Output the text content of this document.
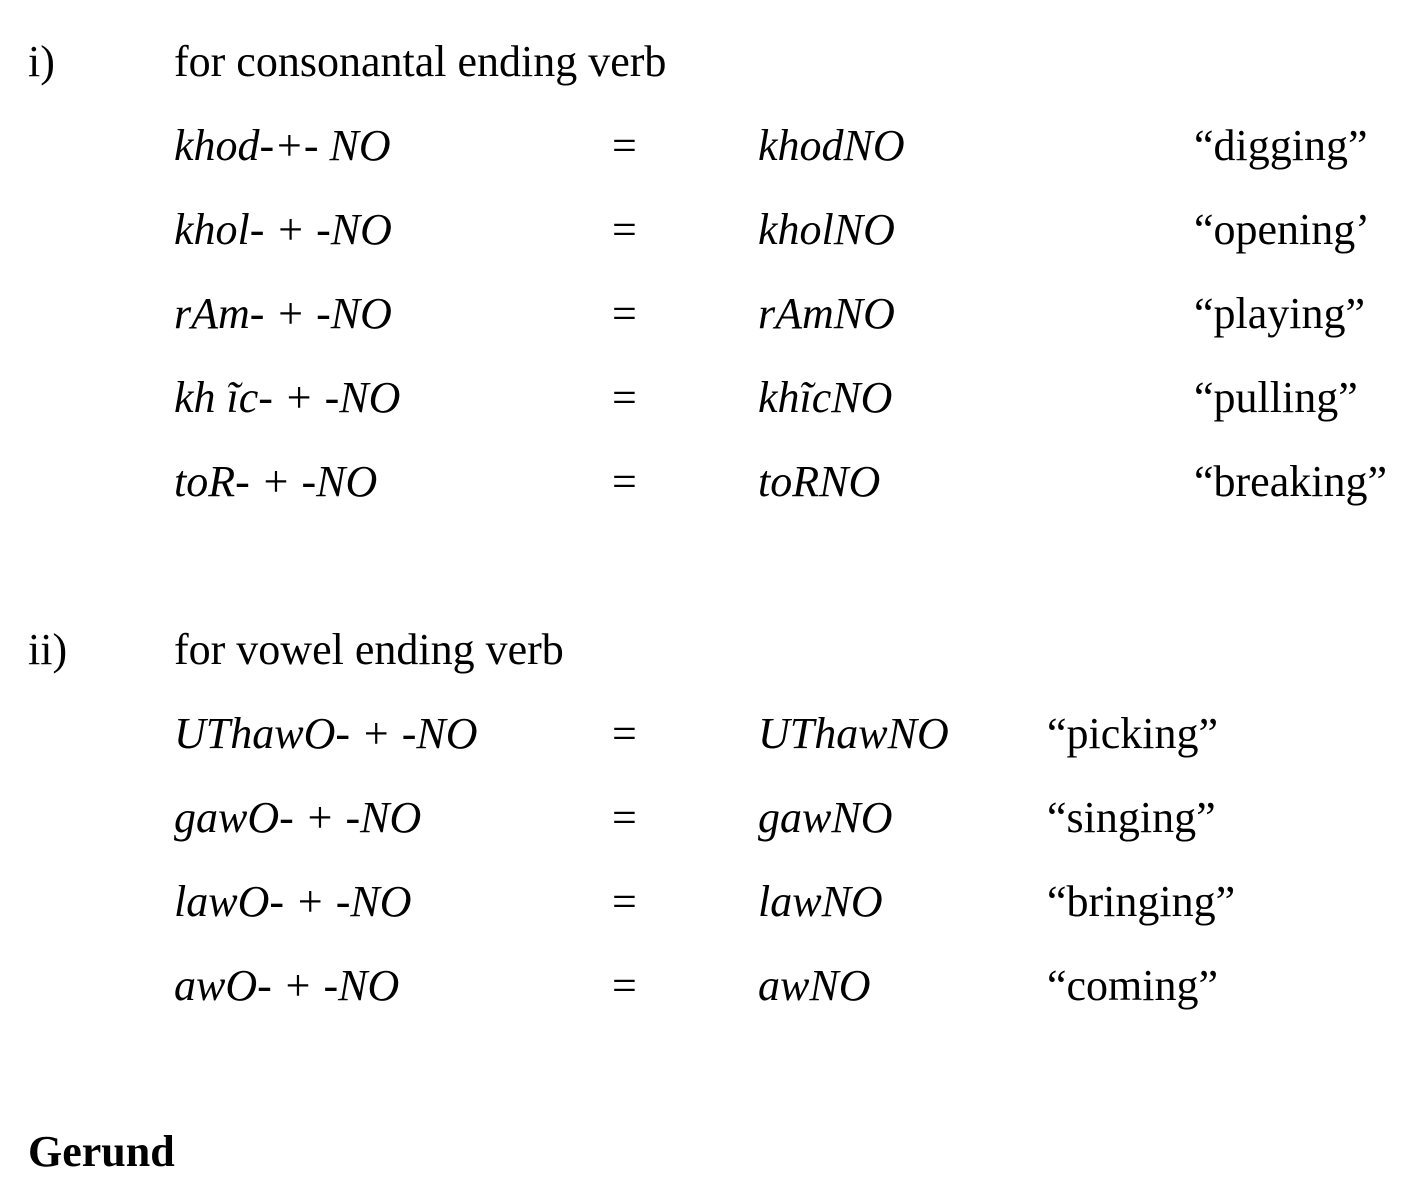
i)	for consonantal ending verb
khod-+- NO	=	khodNO	“digging”
khol- + -NO	=	kholNO	“opening’
rAm- + -NO	=	rAmNO	“playing”
kh ĩc- + -NO	=	khĩcNO	“pulling”
toR- + -NO	=	toRNO	“breaking”
ii) for vowel ending verb
UThawO- + -NO	=	UThawNO “picking”
gawO- + -NO	=	gawNO	“singing”
lawO- + -NO	=	lawNO	“bringing”
awO- + -NO	=	awNO	“coming”
Gerund
